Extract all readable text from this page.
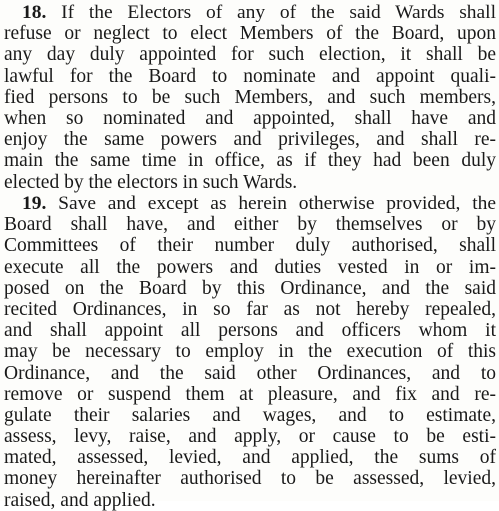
18. If the Electors of any of the said Wards shall
refuse or neglect to elect Members of the Board, upon
any day duly appointed for such election, it shall be
lawful for the Board to nominate and appoint quali-
fied persons to be such Members, and such members,
when so nominated and appointed, shall have and
enjoy the same powers and privileges, and shall re-
main the same time in office, as if they had been duly
elected by the electors in such Wards.
19. Save and except as herein otherwise provided, the
Board shall have, and either by themselves or by
Committees of their number duly authorised, shall
execute all the powers and duties vested in or im-
posed on the Board by this Ordinance, and the said
recited Ordinances, in so far as not hereby repealed,
and shall appoint all persons and officers whom it
may be necessary to employ in the execution of this
Ordinance, and the said other Ordinances, and to
remove or suspend them at pleasure, and fix and re-
gulate their salaries and wages, and to estimate,
assess, levy, raise, and apply, or cause to be esti-
mated, assessed, levied, and applied, the sums of
money hereinafter authorised to be assessed, levied,
raised, and applied.
